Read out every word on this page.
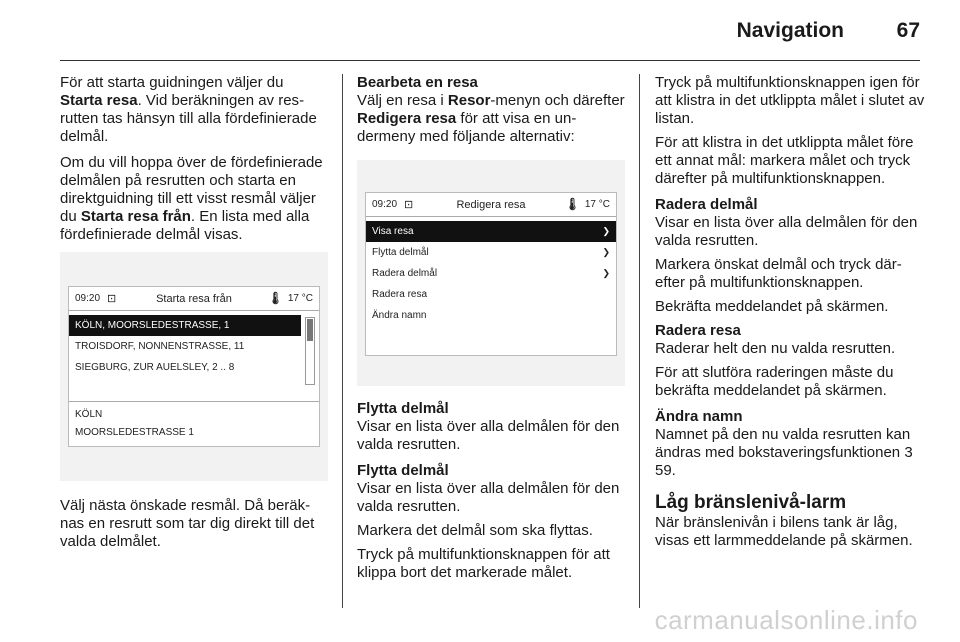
Navigation	67

För att starta guidningen väljer du Starta resa. Vid beräkningen av resrutten tas hänsyn till alla fördefinierade delmål.

Om du vill hoppa över de fördefinierade delmålen på resrutten och starta en direktguidning till ett visst resmål väljer du Starta resa från. En lista med alla fördefinierade delmål visas.

09:20 ⊡	Starta resa från	🌡 17 °C
KÖLN, MOORSLEDESTRASSE, 1
TROISDORF, NONNENSTRASSE, 11
SIEGBURG, ZUR AUELSLEY, 2 .. 8
KÖLN
MOORSLEDESTRASSE 1

Välj nästa önskade resmål. Då beräknas en resrutt som tar dig direkt till det valda delmålet.

Bearbeta en resa

Välj en resa i Resor-menyn och därefter Redigera resa för att visa en undermeny med följande alternativ:

09:20 ⊡	Redigera resa	🌡 17 °C
Visa resa	❯
Flytta delmål	❯
Radera delmål	❯
Radera resa
Ändra namn
Flytta delmål

Visar en lista över alla delmålen för den valda resrutten.

Flytta delmål

Visar en lista över alla delmålen för den valda resrutten.

Markera det delmål som ska flyttas.

Tryck på multifunktionsknappen för att klippa bort det markerade målet.

Tryck på multifunktionsknappen igen för att klistra in det utklippta målet i slutet av listan.

För att klistra in det utklippta målet före ett annat mål: markera målet och tryck därefter på multifunktionsknappen.

Radera delmål

Visar en lista över alla delmålen för den valda resrutten.

Markera önskat delmål och tryck därefter på multifunktionsknappen.

Bekräfta meddelandet på skärmen.

Radera resa

Raderar helt den nu valda resrutten.

För att slutföra raderingen måste du bekräfta meddelandet på skärmen.

Ändra namn

Namnet på den nu valda resrutten kan ändras med bokstaveringsfunktionen 3 59.

Låg bränslenivå-larm

När bränslenivån i bilens tank är låg, visas ett larmmeddelande på skärmen.

carmanualsonline.info
